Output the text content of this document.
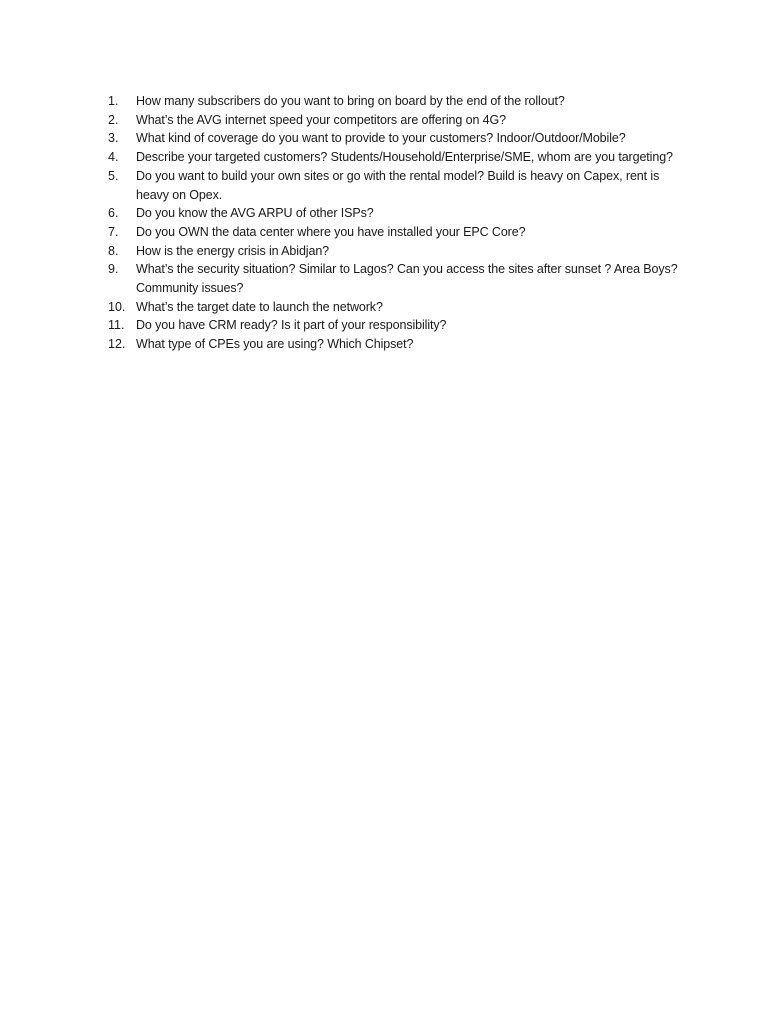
1.	How many subscribers do you want to bring on board by the end of the rollout?
2.	What’s the AVG internet speed your competitors are offering on 4G?
3.	What kind of coverage do you want to provide to your customers? Indoor/Outdoor/Mobile?
4.	Describe your targeted customers? Students/Household/Enterprise/SME, whom are you targeting?
5.	Do you want to build your own sites or go with the rental model? Build is heavy on Capex, rent is heavy on Opex.
6.	Do you know the AVG ARPU of other ISPs?
7.	Do you OWN the data center where you have installed your EPC Core?
8.	How is the energy crisis in Abidjan?
9.	What’s the security situation? Similar to Lagos? Can you access the sites after sunset ? Area Boys? Community issues?
10. What’s the target date to launch the network?
11. Do you have CRM ready? Is it part of your responsibility?
12. What type of CPEs you are using? Which Chipset?
